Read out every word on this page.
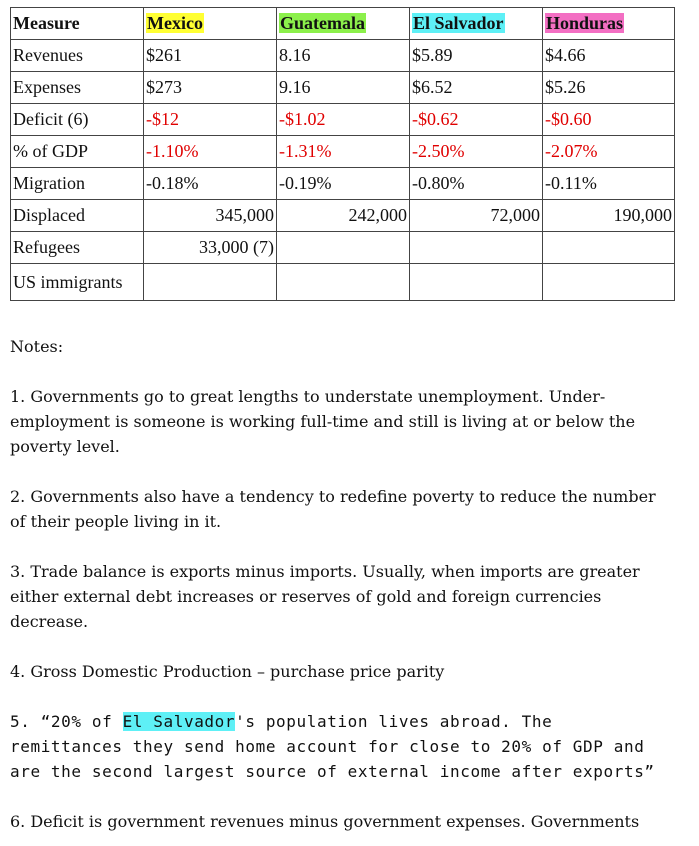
Measure	Mexico	Guatemala	El Salvador	Honduras
Revenues	$261	8.16	$5.89	$4.66
Expenses	$273	9.16	$6.52	$5.26
Deficit (6)	-$12	-$1.02	-$0.62	-$0.60
% of GDP	-1.10%	-1.31%	-2.50%	-2.07%
Migration	-0.18%	-0.19%	-0.80%	-0.11%
Displaced	345,000	242,000	72,000	190,000
Refugees	33,000 (7)			
US immigrants				

Notes:

1. Governments go to great lengths to understate unemployment. Under-employment is someone is working full-time and still is living at or below the poverty level.

2. Governments also have a tendency to redefine poverty to reduce the number of their people living in it.

3. Trade balance is exports minus imports. Usually, when imports are greater either external debt increases or reserves of gold and foreign currencies decrease.

4. Gross Domestic Production – purchase price parity

5. “20% of El Salvador's population lives abroad. The remittances they send home account for close to 20% of GDP and are the second largest source of external income after exports”

6. Deficit is government revenues minus government expenses. Governments
